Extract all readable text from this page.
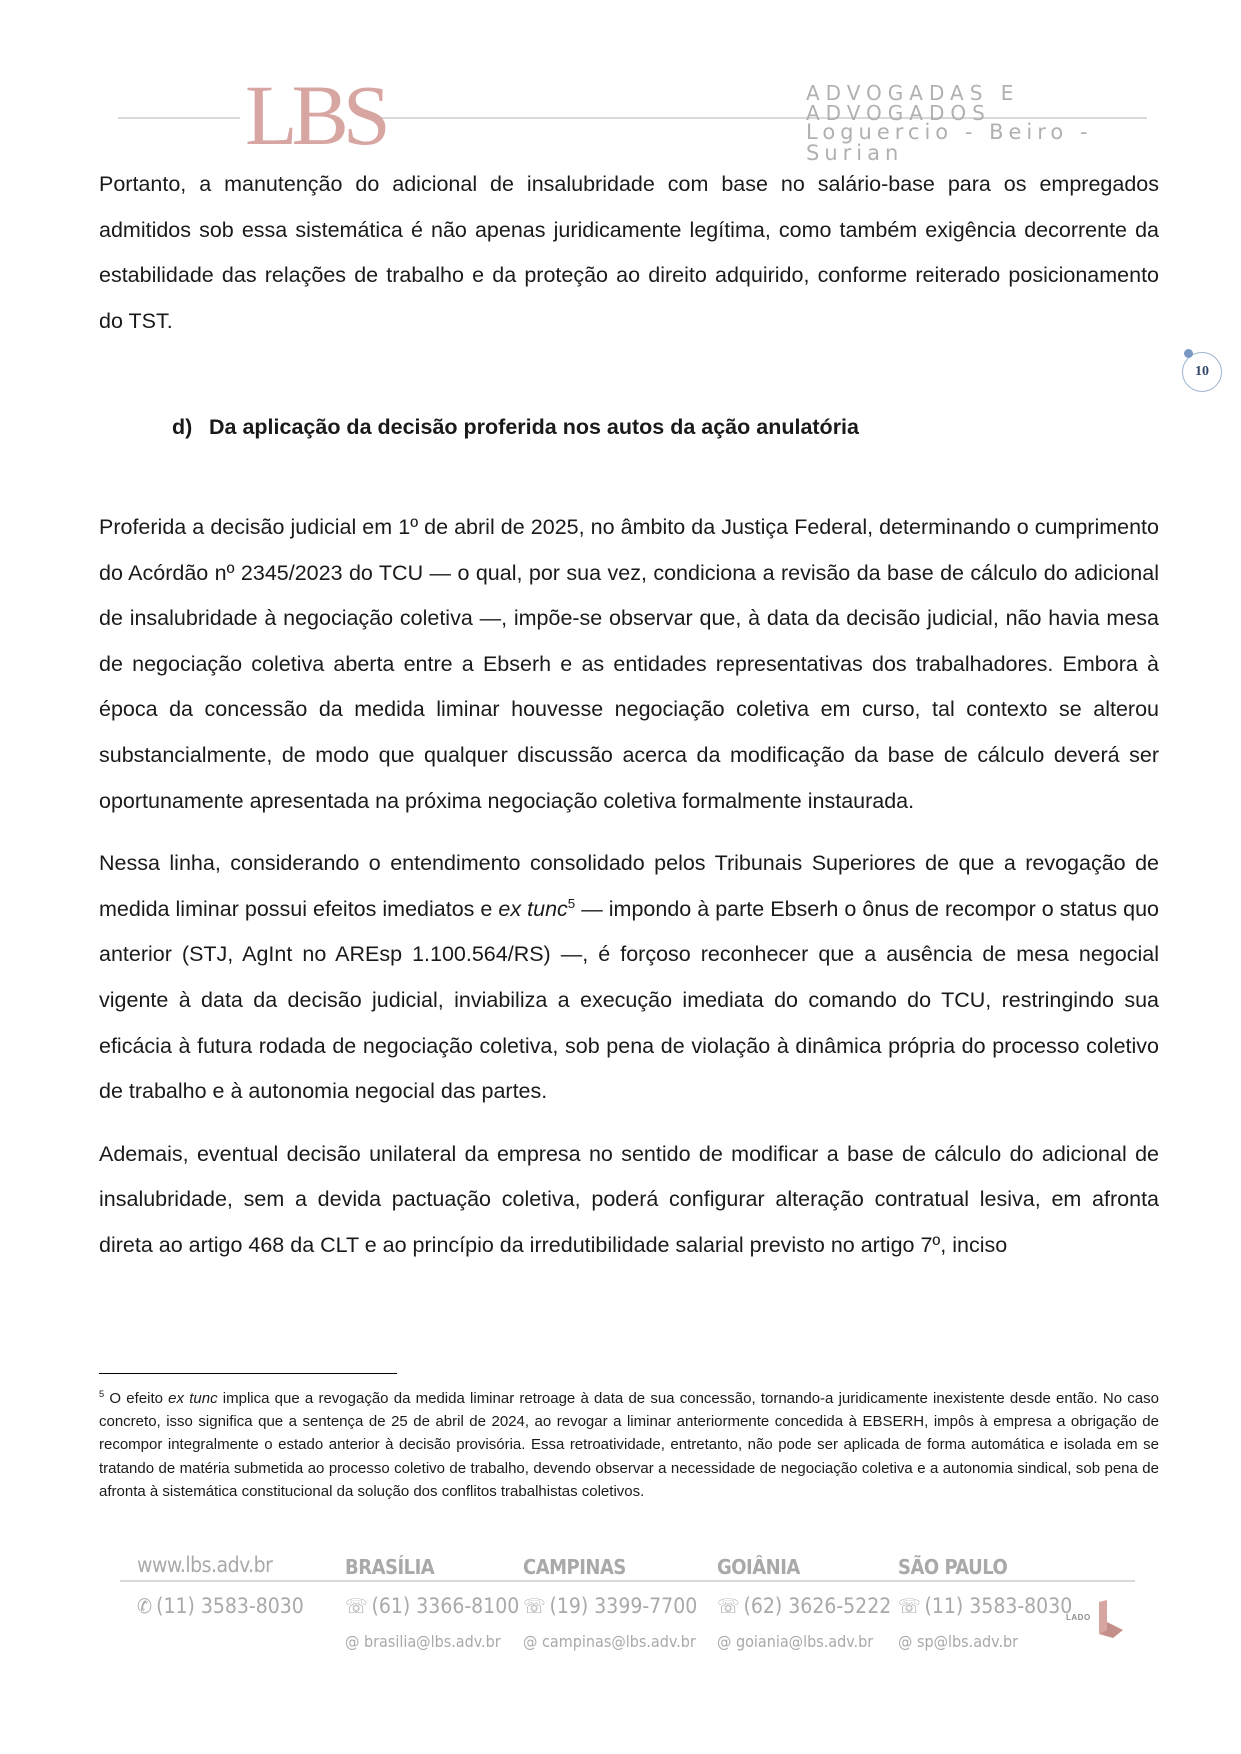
LBS	ADVOGADAS E ADVOGADOS
Loguercio - Beiro - Surian
10

Portanto, a manutenção do adicional de insalubridade com base no salário-base para os empregados admitidos sob essa sistemática é não apenas juridicamente legítima, como também exigência decorrente da estabilidade das relações de trabalho e da proteção ao direito adquirido, conforme reiterado posicionamento do TST.

d) Da aplicação da decisão proferida nos autos da ação anulatória

Proferida a decisão judicial em 1º de abril de 2025, no âmbito da Justiça Federal, determinando o cumprimento do Acórdão nº 2345/2023 do TCU — o qual, por sua vez, condiciona a revisão da base de cálculo do adicional de insalubridade à negociação coletiva —, impõe-se observar que, à data da decisão judicial, não havia mesa de negociação coletiva aberta entre a Ebserh e as entidades representativas dos trabalhadores. Embora à época da concessão da medida liminar houvesse negociação coletiva em curso, tal contexto se alterou substancialmente, de modo que qualquer discussão acerca da modificação da base de cálculo deverá ser oportunamente apresentada na próxima negociação coletiva formalmente instaurada.

Nessa linha, considerando o entendimento consolidado pelos Tribunais Superiores de que a revogação de medida liminar possui efeitos imediatos e ex tunc$^5$ — impondo à parte Ebserh o ônus de recompor o status quo anterior (STJ, AgInt no AREsp 1.100.564/RS) —, é forçoso reconhecer que a ausência de mesa negocial vigente à data da decisão judicial, inviabiliza a execução imediata do comando do TCU, restringindo sua eficácia à futura rodada de negociação coletiva, sob pena de violação à dinâmica própria do processo coletivo de trabalho e à autonomia negocial das partes.

Ademais, eventual decisão unilateral da empresa no sentido de modificar a base de cálculo do adicional de insalubridade, sem a devida pactuação coletiva, poderá configurar alteração contratual lesiva, em afronta direta ao artigo 468 da CLT e ao princípio da irredutibilidade salarial previsto no artigo 7º, inciso

$^5$ O efeito ex tunc implica que a revogação da medida liminar retroage à data de sua concessão, tornando-a juridicamente inexistente desde então. No caso concreto, isso significa que a sentença de 25 de abril de 2024, ao revogar a liminar anteriormente concedida à EBSERH, impôs à empresa a obrigação de recompor integralmente o estado anterior à decisão provisória. Essa retroatividade, entretanto, não pode ser aplicada de forma automática e isolada em se tratando de matéria submetida ao processo coletivo de trabalho, devendo observar a necessidade de negociação coletiva e a autonomia sindical, sob pena de afronta à sistemática constitucional da solução dos conflitos trabalhistas coletivos.
www.lbs.adv.br
✆ (11) 3583-8030
BRASÍLIA
☏ (61) 3366-8100
@ brasilia@lbs.adv.br
CAMPINAS
☏ (19) 3399-7700
@ campinas@lbs.adv.br
GOIÂNIA
☏ (62) 3626-5222
@ goiania@lbs.adv.br
SÃO PAULO
☏ (11) 3583-8030
@ sp@lbs.adv.br
LADO
